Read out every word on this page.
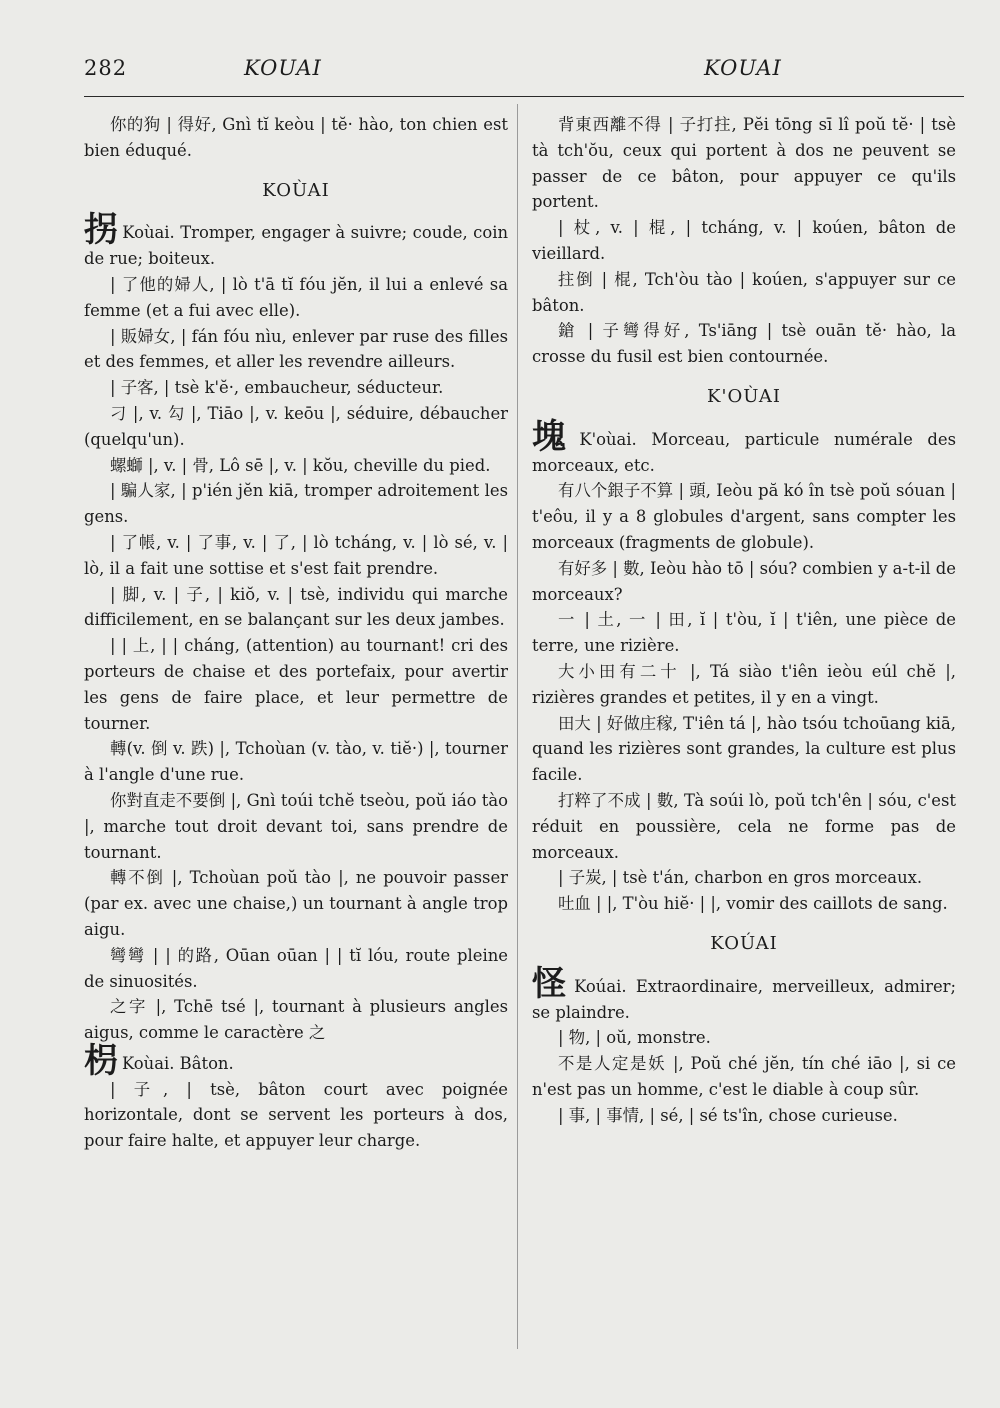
282	KOUAI	KOUAI

你的狗 | 得好, Gnì tĭ keòu | tĕ· hào, ton chien est bien éduqué.

KOÙAI

拐 Koùai. Tromper, engager à suivre; coude, coin de rue; boiteux.

| 了他的婦人, | lò t'ā tĭ fóu jĕn, il lui a enlevé sa femme (et a fui avec elle).

| 販婦女, | fán fóu nìu, enlever par ruse des filles et des femmes, et aller les revendre ailleurs.

| 子客, | tsè k'ĕ·, embaucheur, séducteur.

刁 |, v. 勾 |, Tiāo |, v. keōu |, séduire, débaucher (quelqu'un).

螺螄 |, v. | 骨, Lô sē |, v. | kŏu, cheville du pied.

| 騙人家, | p'ién jĕn kiā, tromper adroitement les gens.

| 了帳, v. | 了事, v. | 了, | lò tcháng, v. | lò sé, v. | lò, il a fait une sottise et s'est fait prendre.

| 脚, v. | 子, | kiŏ, v. | tsè, individu qui marche difficilement, en se balançant sur les deux jambes.

| | 上, | | cháng, (attention) au tournant! cri des porteurs de chaise et des portefaix, pour avertir les gens de faire place, et leur permettre de tourner.

轉(v. 倒 v. 跌) |, Tchoùan (v. tào, v. tiĕ·) |, tourner à l'angle d'une rue.

你對直走不要倒 |, Gnì toúi tchĕ tseòu, poŭ iáo tào |, marche tout droit devant toi, sans prendre de tournant.

轉不倒 |, Tchoùan poŭ tào |, ne pouvoir passer (par ex. avec une chaise,) un tournant à angle trop aigu.

彎彎 | | 的路, Oūan oūan | | tĭ lóu, route pleine de sinuosités.

之字 |, Tchē tsé |, tournant à plusieurs angles aigus, comme le caractère 之

枴 Koùai. Bâton.

| 子, | tsè, bâton court avec poignée horizontale, dont se servent les porteurs à dos, pour faire halte, et appuyer leur charge.

背東西離不得 | 子打拄, Pĕi tōng sī lî poŭ tĕ· | tsè tà tch'ŏu, ceux qui portent à dos ne peuvent se passer de ce bâton, pour appuyer ce qu'ils portent.

| 杖, v. | 棍, | tcháng, v. | koúen, bâton de vieillard.

拄倒 | 棍, Tch'òu tào | koúen, s'appuyer sur ce bâton.

鎗 | 子彎得好, Ts'iāng | tsè ouān tĕ· hào, la crosse du fusil est bien contournée.

K'OÙAI

塊 K'oùai. Morceau, particule numérale des morceaux, etc.

有八个銀子不算 | 頭, Ieòu pă kó în tsè poŭ sóuan | t'eôu, il y a 8 globules d'argent, sans compter les morceaux (fragments de globule).

有好多 | 數, Ieòu hào tō | sóu? combien y a-t-il de morceaux?

一 | 土, 一 | 田, ĭ | t'òu, ĭ | t'iên, une pièce de terre, une rizière.

大小田有二十 |, Tá siào t'iên ieòu eúl chĕ |, rizières grandes et petites, il y en a vingt.

田大 | 好做庄稼, T'iên tá |, hào tsóu tchoūang kiā, quand les rizières sont grandes, la culture est plus facile.

打粹了不成 | 數, Tà soúi lò, poŭ tch'ên | sóu, c'est réduit en poussière, cela ne forme pas de morceaux.

| 子炭, | tsè t'án, charbon en gros morceaux.

吐血 | |, T'òu hiĕ· | |, vomir des caillots de sang.

KOÚAI

怪 Koúai. Extraordinaire, merveilleux, admirer; se plaindre.

| 物, | oŭ, monstre.

不是人定是妖 |, Poŭ ché jĕn, tín ché iāo |, si ce n'est pas un homme, c'est le diable à coup sûr.

| 事, | 事情, | sé, | sé ts'în, chose curieuse.
